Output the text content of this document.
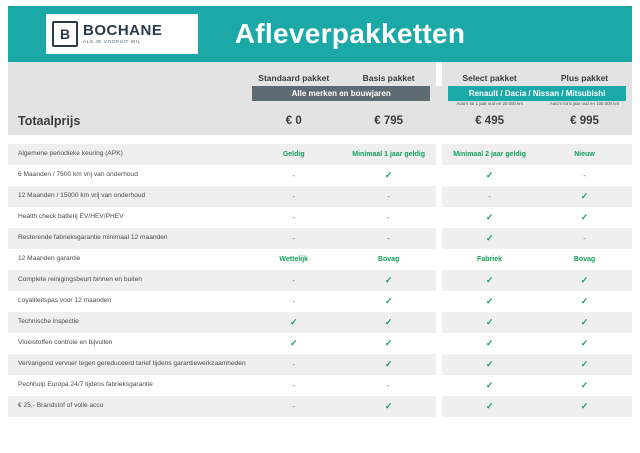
B BOCHANE
ALS JE VOORUIT WIL	Afleverpakketten

	Standaard pakket	Basis pakket		Select pakket	Plus pakket

	Alle merken en bouwjaren			Renault / Dacia / Nissan / Mitsubishi	

				Auto's tot 1 jaar oud en 20.000 km	Auto's tot 5 jaar oud en 100.000 km

Totaalprijs	€ 0	€ 795		€ 495	€ 995

Algemene periodieke keuring (APK)	Geldig	Minimaal 1 jaar geldig		Minimaal 2 jaar geldig	Nieuw
6 Maanden / 7500 km vrij van onderhoud	-	✓		✓	-
12 Maanden / 15000 km vrij van onderhoud	-	-		-	✓
Health check batterij EV/HEV/PHEV	-	-		✓	✓
Resterende fabrieksgarantie minimaal 12 maanden	-	-		✓	-
12 Maanden garantie	Wettelijk	Bovag		Fabriek	Bovag
Complete reinigingsbeurt binnen en buiten	-	✓		✓	✓
Loyaliteitspas voor 12 maanden	-	✓		✓	✓
Technische inspectie	✓	✓		✓	✓
Vloeistoffen controle en bijvullen	✓	✓		✓	✓
Vervangend vervoer tegen gereduceerd tarief tijdens garantiewerkzaamheden	-	✓		✓	✓
Pechhulp Europa 24/7 tijdens fabrieksgarantie	-	-		✓	✓
€ 25,- Brandstof of volle accu	-	✓		✓	✓
